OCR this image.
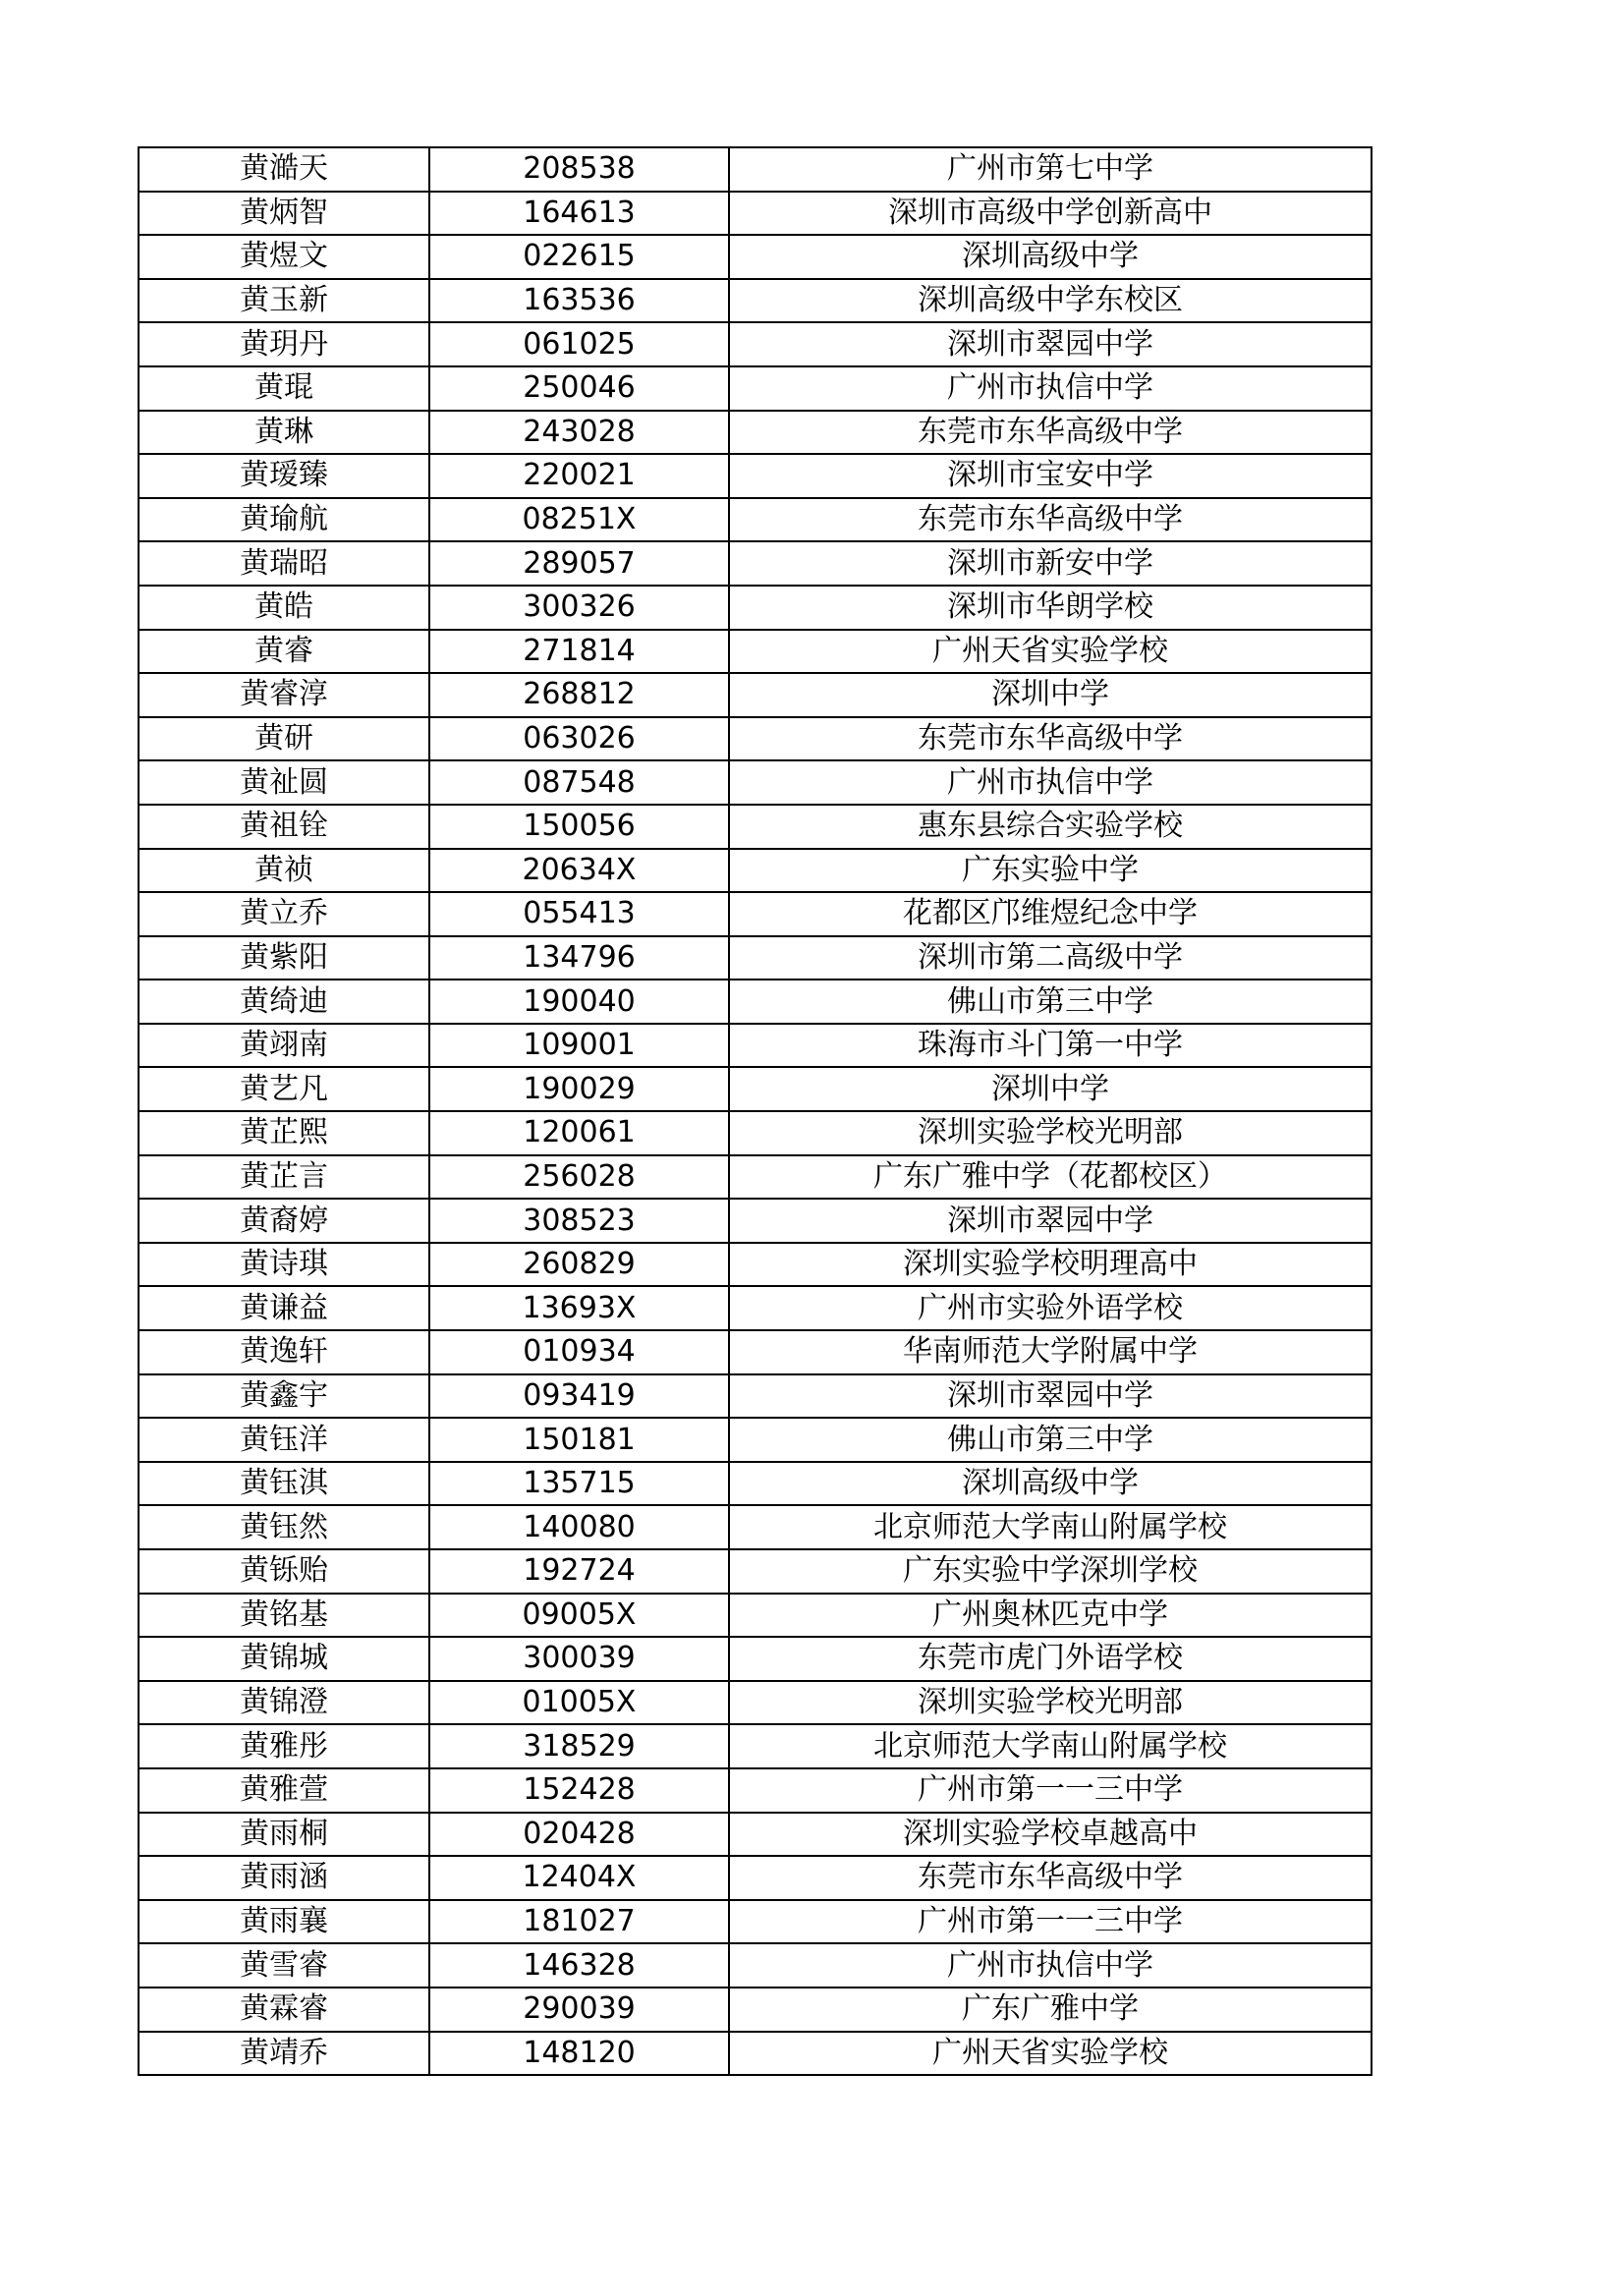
黄澔天	208538	广州市第七中学
黄炳智	164613	深圳市高级中学创新高中
黄煜文	022615	深圳高级中学
黄玉新	163536	深圳高级中学东校区
黄玥丹	061025	深圳市翠园中学
黄琨	250046	广州市执信中学
黄琳	243028	东莞市东华高级中学
黄瑷臻	220021	深圳市宝安中学
黄瑜航	08251X	东莞市东华高级中学
黄瑞昭	289057	深圳市新安中学
黄皓	300326	深圳市华朗学校
黄睿	271814	广州天省实验学校
黄睿淳	268812	深圳中学
黄研	063026	东莞市东华高级中学
黄祉圆	087548	广州市执信中学
黄祖铨	150056	惠东县综合实验学校
黄祯	20634X	广东实验中学
黄立乔	055413	花都区邝维煜纪念中学
黄紫阳	134796	深圳市第二高级中学
黄绮迪	190040	佛山市第三中学
黄翊南	109001	珠海市斗门第一中学
黄艺凡	190029	深圳中学
黄芷熙	120061	深圳实验学校光明部
黄芷言	256028	广东广雅中学（花都校区）
黄裔婷	308523	深圳市翠园中学
黄诗琪	260829	深圳实验学校明理高中
黄谦益	13693X	广州市实验外语学校
黄逸轩	010934	华南师范大学附属中学
黄鑫宇	093419	深圳市翠园中学
黄钰洋	150181	佛山市第三中学
黄钰淇	135715	深圳高级中学
黄钰然	140080	北京师范大学南山附属学校
黄铄贻	192724	广东实验中学深圳学校
黄铭基	09005X	广州奥林匹克中学
黄锦城	300039	东莞市虎门外语学校
黄锦澄	01005X	深圳实验学校光明部
黄雅彤	318529	北京师范大学南山附属学校
黄雅萱	152428	广州市第一一三中学
黄雨桐	020428	深圳实验学校卓越高中
黄雨涵	12404X	东莞市东华高级中学
黄雨襄	181027	广州市第一一三中学
黄雪睿	146328	广州市执信中学
黄霖睿	290039	广东广雅中学
黄靖乔	148120	广州天省实验学校
